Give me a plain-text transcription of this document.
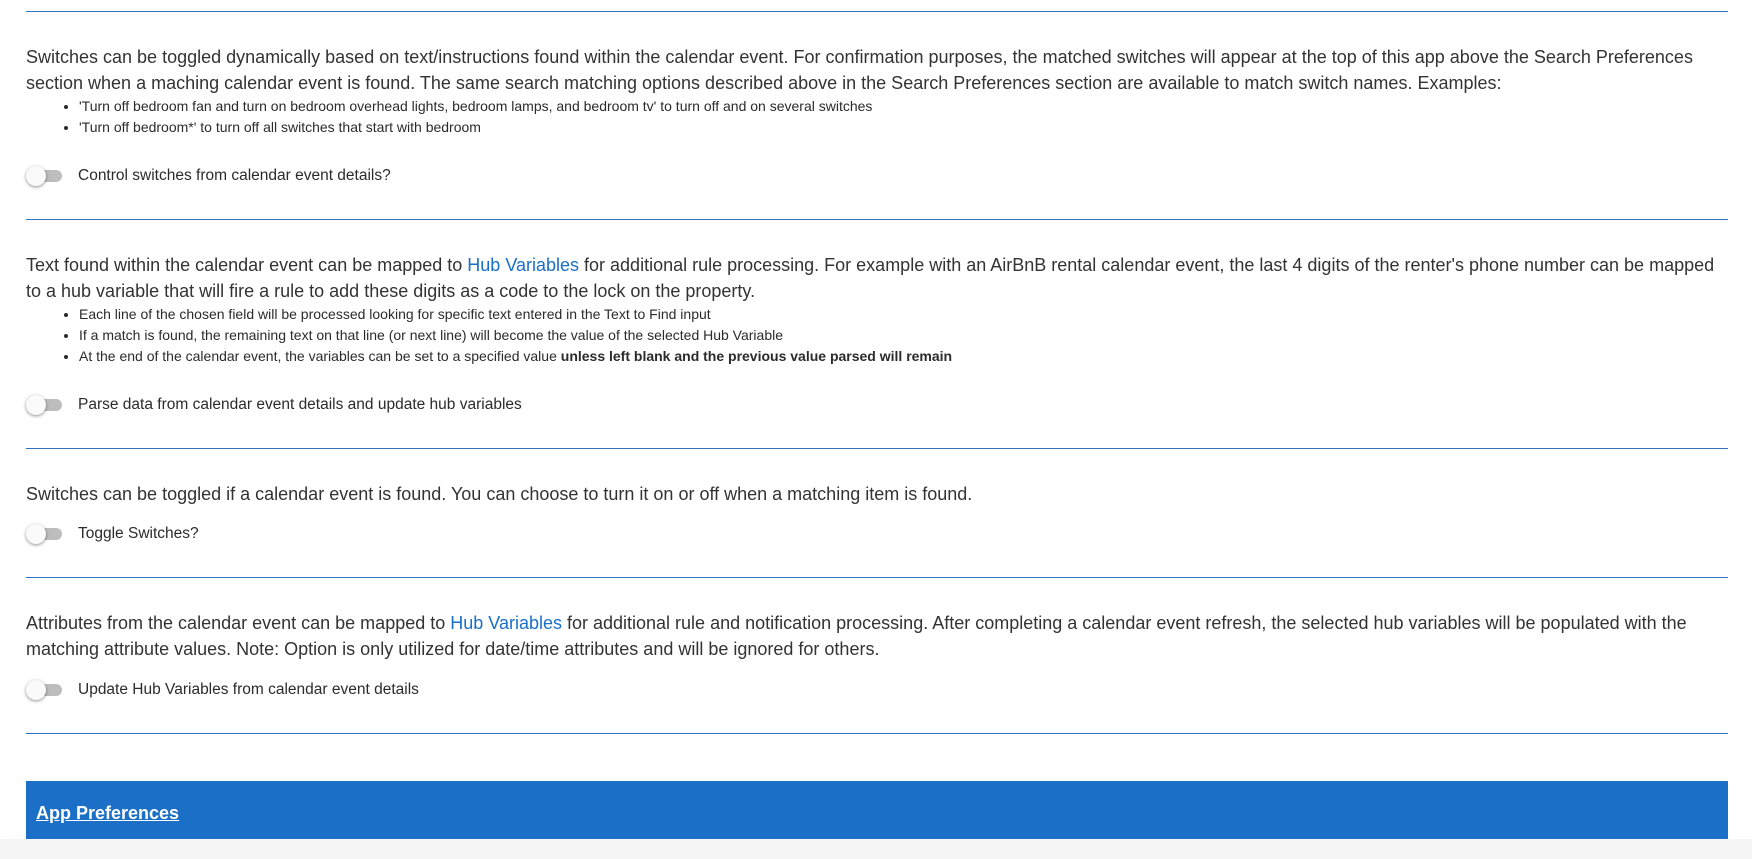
Switches can be toggled dynamically based on text/instructions found within the calendar event. For confirmation purposes, the matched switches will appear at the top of this app above the Search Preferences section when a maching calendar event is found. The same search matching options described above in the Search Preferences section are available to match switch names. Examples:

• 'Turn off bedroom fan and turn on bedroom overhead lights, bedroom lamps, and bedroom tv' to turn off and on several switches
• 'Turn off bedroom*' to turn off all switches that start with bedroom
Control switches from calendar event details?

Text found within the calendar event can be mapped to Hub Variables for additional rule processing. For example with an AirBnB rental calendar event, the last 4 digits of the renter's phone number can be mapped to a hub variable that will fire a rule to add these digits as a code to the lock on the property.

• Each line of the chosen field will be processed looking for specific text entered in the Text to Find input
• If a match is found, the remaining text on that line (or next line) will become the value of the selected Hub Variable
• At the end of the calendar event, the variables can be set to a specified value unless left blank and the previous value parsed will remain
Parse data from calendar event details and update hub variables

Switches can be toggled if a calendar event is found. You can choose to turn it on or off when a matching item is found.

Toggle Switches?

Attributes from the calendar event can be mapped to Hub Variables for additional rule and notification processing. After completing a calendar event refresh, the selected hub variables will be populated with the matching attribute values. Note: Option is only utilized for date/time attributes and will be ignored for others.

Update Hub Variables from calendar event details
App Preferences
